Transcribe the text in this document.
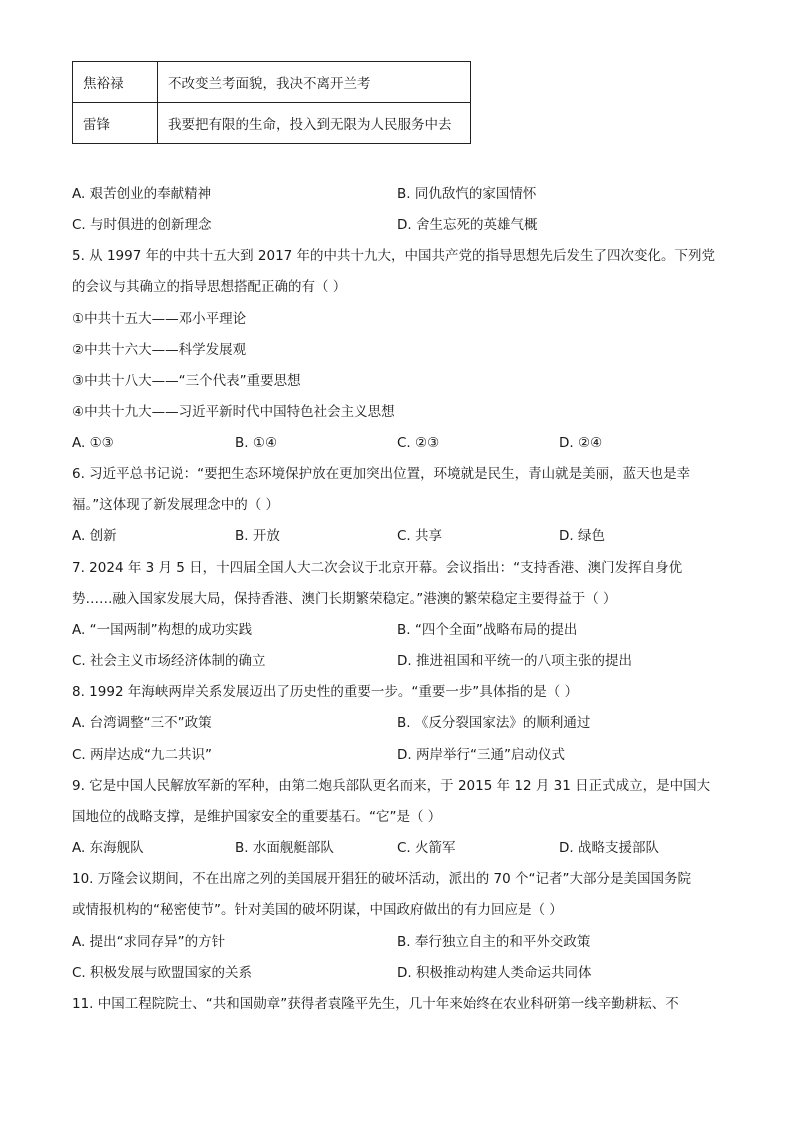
焦裕禄	不改变兰考面貌，我决不离开兰考
雷锋	我要把有限的生命，投入到无限为人民服务中去
A. 艰苦创业的奉献精神	B. 同仇敌忾的家国情怀
C. 与时俱进的创新理念	D. 舍生忘死的英雄气概
5. 从 1997 年的中共十五大到 2017 年的中共十九大，中国共产党的指导思想先后发生了四次变化。下列党
的会议与其确立的指导思想搭配正确的有（ ）
①中共十五大——邓小平理论
②中共十六大——科学发展观
③中共十八大——“三个代表”重要思想
④中共十九大——习近平新时代中国特色社会主义思想
A. ①③	B. ①④	C. ②③	D. ②④
6. 习近平总书记说：“要把生态环境保护放在更加突出位置，环境就是民生，青山就是美丽，蓝天也是幸
福。”这体现了新发展理念中的（ ）
A. 创新	B. 开放	C. 共享	D. 绿色
7. 2024 年 3 月 5 日，十四届全国人大二次会议于北京开幕。会议指出：“支持香港、澳门发挥自身优
势……融入国家发展大局，保持香港、澳门长期繁荣稳定。”港澳的繁荣稳定主要得益于（ ）
A. “一国两制”构想的成功实践	B. “四个全面”战略布局的提出
C. 社会主义市场经济体制的确立	D. 推进祖国和平统一的八项主张的提出
8. 1992 年海峡两岸关系发展迈出了历史性的重要一步。“重要一步”具体指的是（ ）
A. 台湾调整“三不”政策	B. 《反分裂国家法》的顺利通过
C. 两岸达成“九二共识”	D. 两岸举行“三通”启动仪式
9. 它是中国人民解放军新的军种，由第二炮兵部队更名而来，于 2015 年 12 月 31 日正式成立，是中国大
国地位的战略支撑，是维护国家安全的重要基石。“它”是（ ）
A. 东海舰队	B. 水面舰艇部队	C. 火箭军	D. 战略支援部队
10. 万隆会议期间，不在出席之列的美国展开猖狂的破坏活动，派出的 70 个“记者”大部分是美国国务院
或情报机构的“秘密使节”。针对美国的破坏阴谋，中国政府做出的有力回应是（ ）
A. 提出“求同存异”的方针	B. 奉行独立自主的和平外交政策
C. 积极发展与欧盟国家的关系	D. 积极推动构建人类命运共同体
11. 中国工程院院士、“共和国勋章”获得者袁隆平先生，几十年来始终在农业科研第一线辛勤耕耘、不
